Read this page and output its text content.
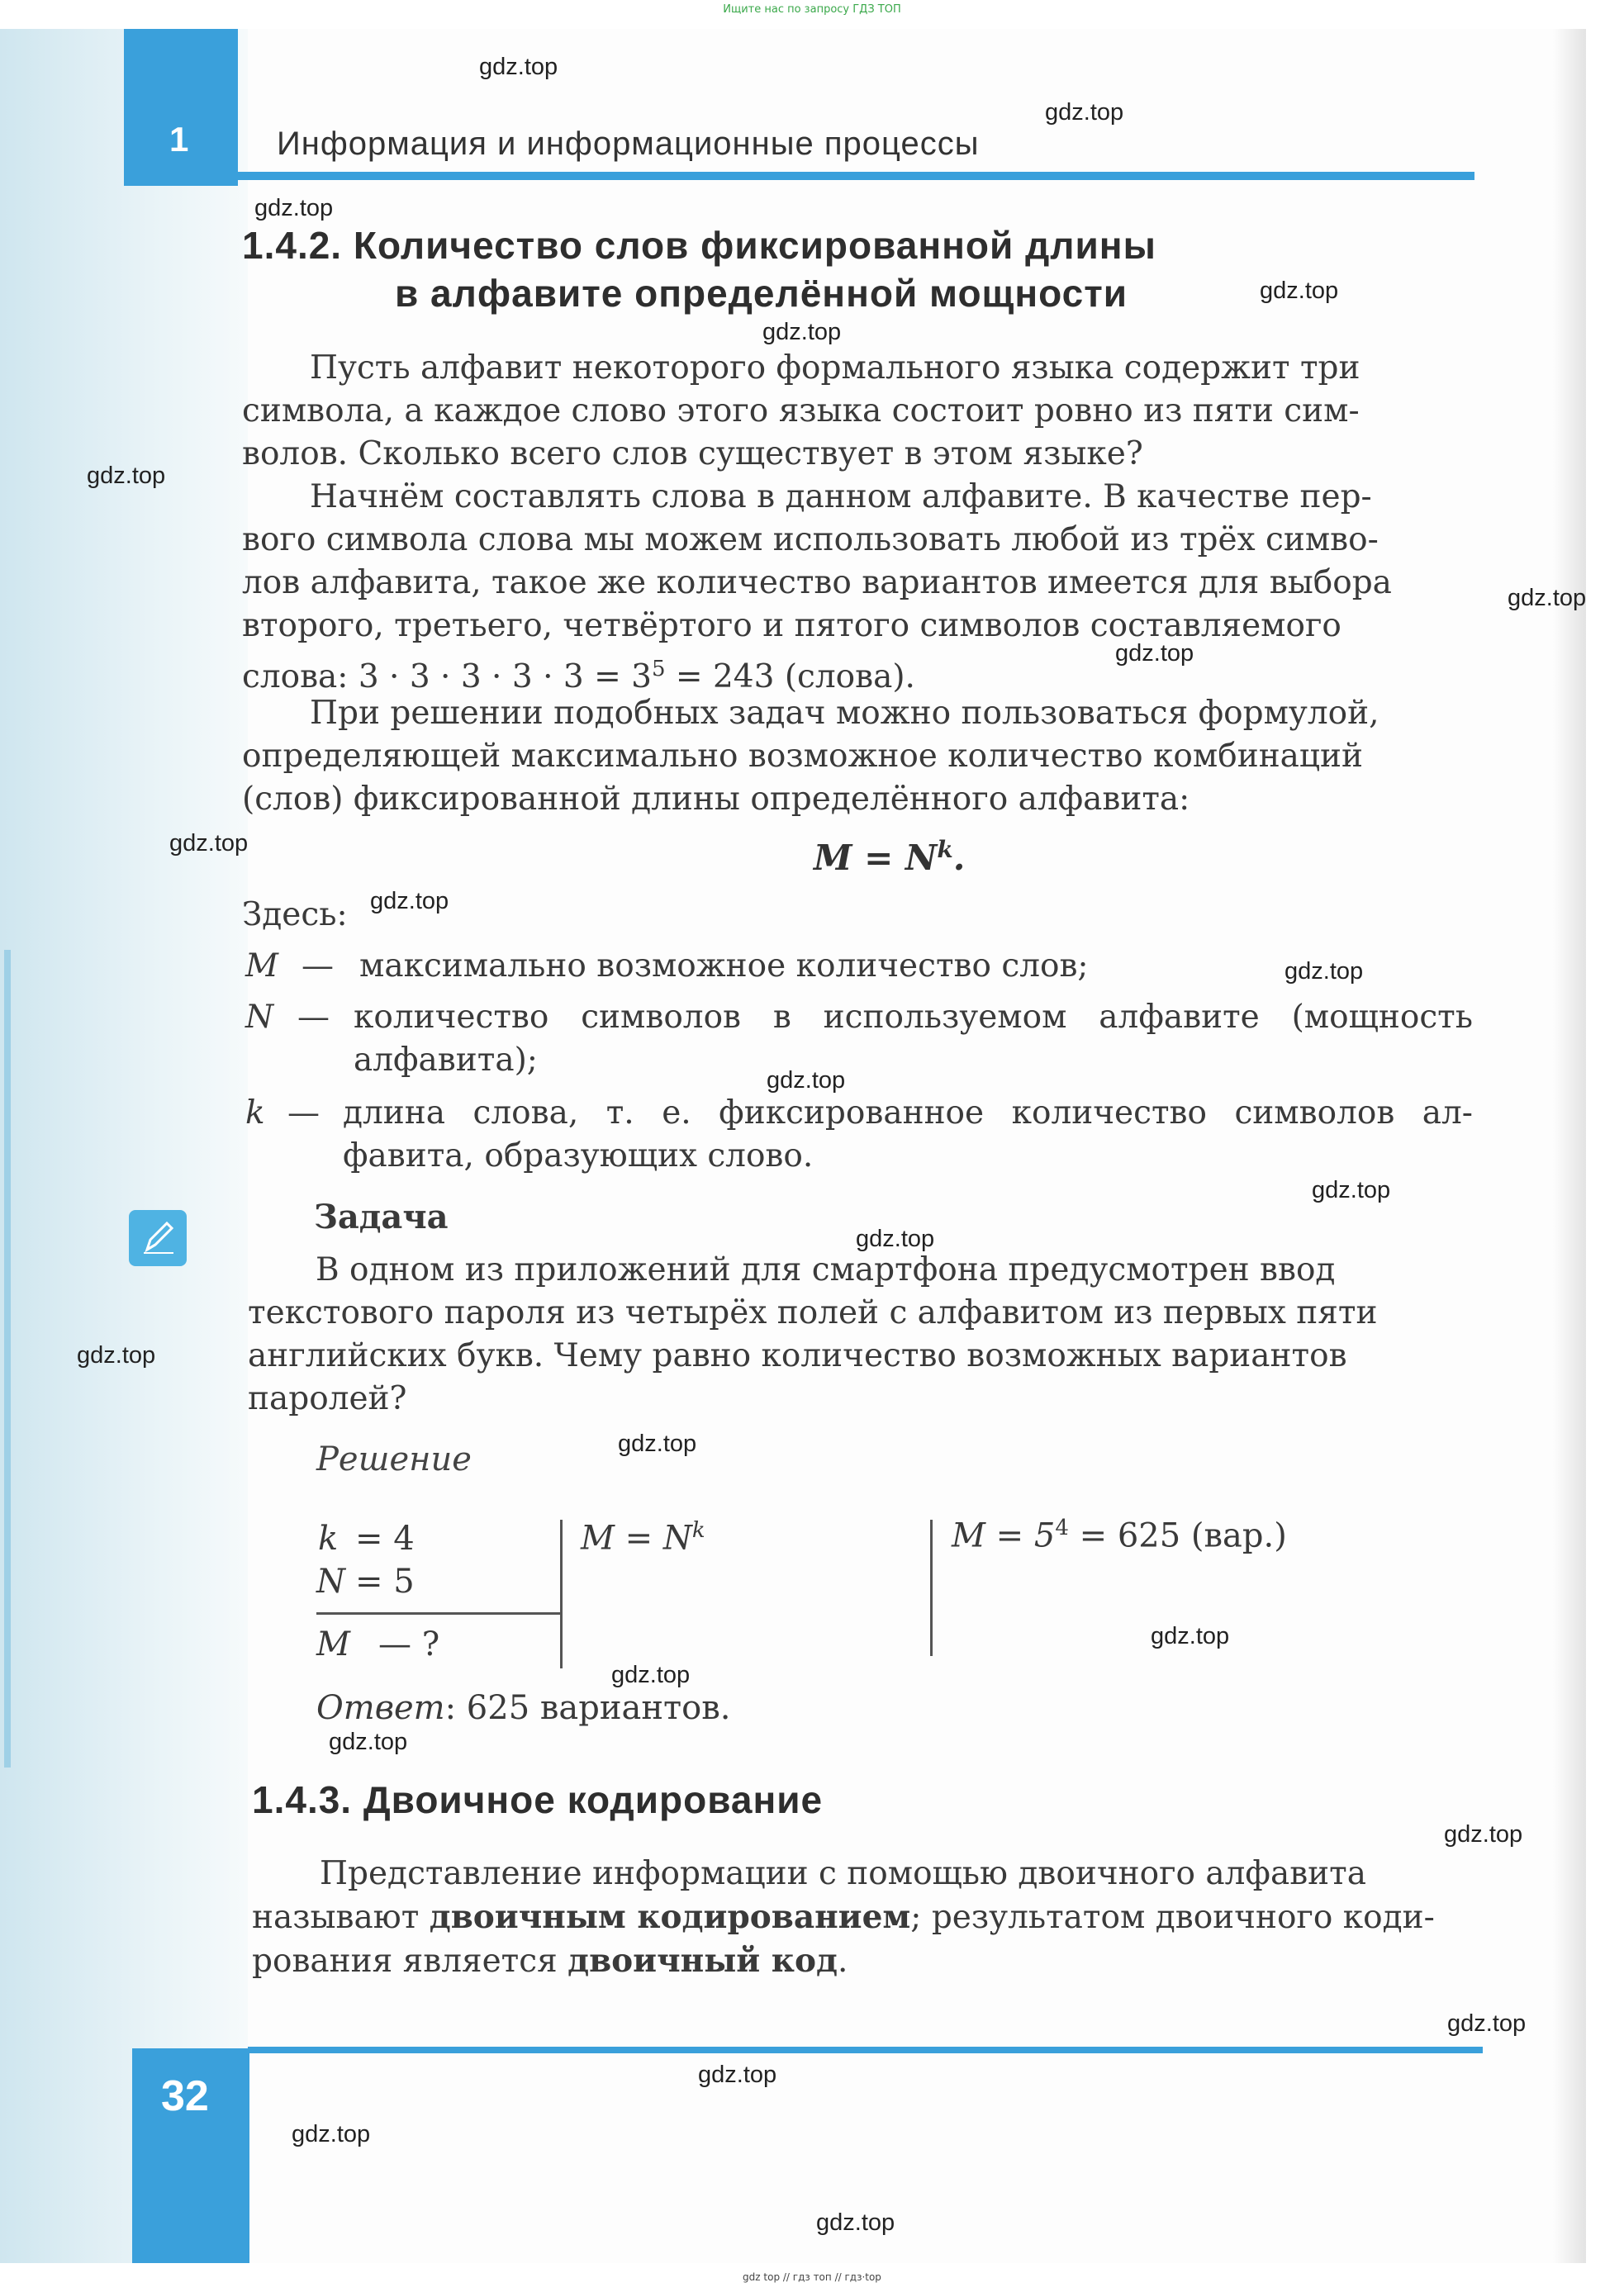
Ищите нас по запросу ГДЗ ТОП
1	Информация и информационные процессы
1.4.2. Количество слов фиксированной длины
в алфавите определённой мощности
Пусть алфавит некоторого формального языка содержит три
символа, а каждое слово этого языка состоит ровно из пяти сим-
волов. Сколько всего слов существует в этом языке?
Начнём составлять слова в данном алфавите. В качестве пер-
вого символа слова мы можем использовать любой из трёх симво-
лов алфавита, такое же количество вариантов имеется для выбора
второго, третьего, четвёртого и пятого символов составляемого
слова: $3 \cdot 3 \cdot 3 \cdot 3 \cdot 3 = 3^5 = 243$ (слова).
При решении подобных задач можно пользоваться формулой,
определяющей максимально возможное количество комбинаций
(слов) фиксированной длины определённого алфавита:
$M = N^k$.
Здесь:
M — максимально возможное количество слов;
N — количество символов в используемом алфавите (мощность
алфавита);
k — длина слова, т. е. фиксированное количество символов ал-
фавита, образующих слово.
Задача
В одном из приложений для смартфона предусмотрен ввод
текстового пароля из четырёх полей с алфавитом из первых пяти
английских букв. Чему равно количество возможных вариантов
паролей?
Решение
k = 4
N = 5
M — ?
$M = N^k$	$M = 5^4 = 625$ (вар.)
Ответ: 625 вариантов.
1.4.3. Двоичное кодирование
Представление информации с помощью двоичного алфавита
называют двоичным кодированием; результатом двоичного коди-
рования является двоичный код.
32
gdz.top
gdz.top
gdz.top
gdz.top
gdz.top
gdz.top
gdz.top
gdz.top
gdz.top
gdz.top
gdz.top
gdz.top
gdz.top
gdz.top
gdz.top
gdz.top
gdz.top
gdz.top
gdz.top
gdz.top
gdz.top
gdz.top
gdz.top
gdz.top
gdz top // гдз топ // гдз·top
